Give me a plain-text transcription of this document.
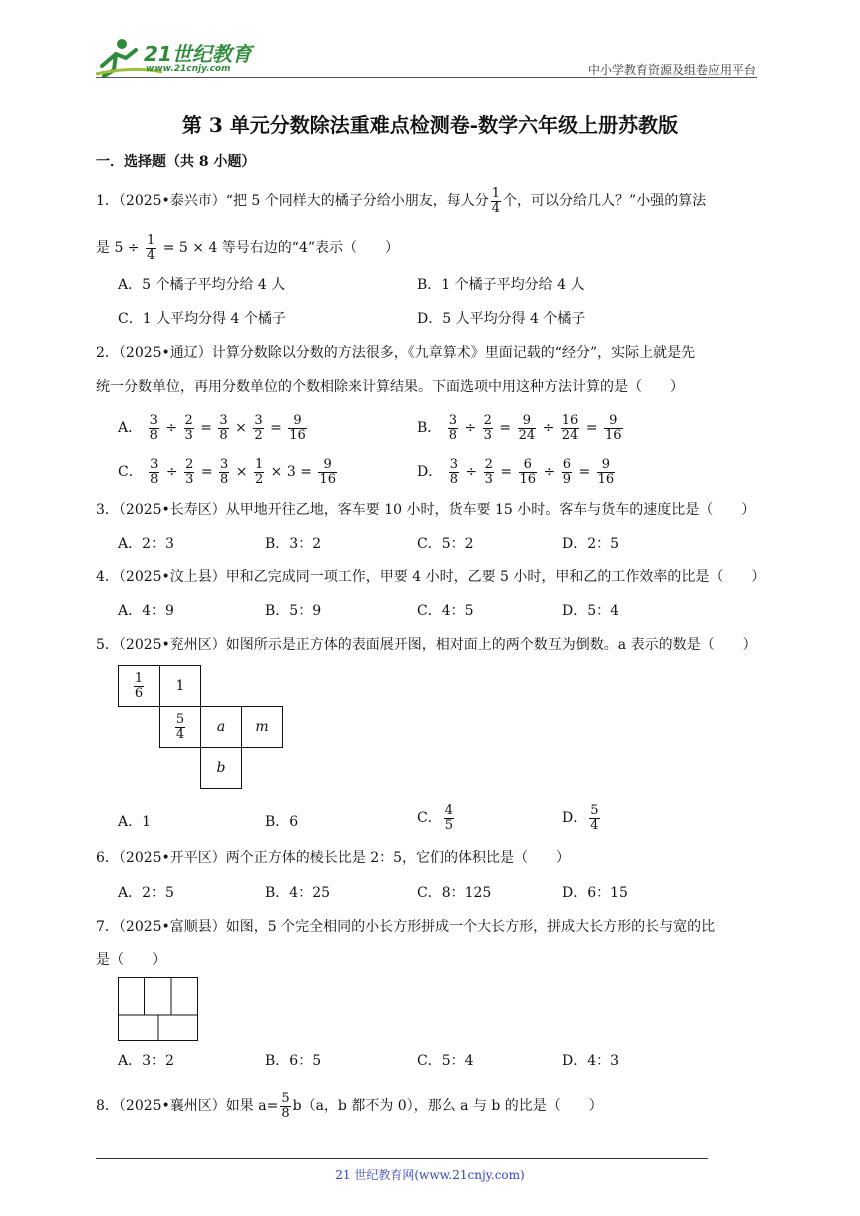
21世纪教育
www.21cnjy.com	中小学教育资源及组卷应用平台
第 3 单元分数除法重难点检测卷-数学六年级上册苏教版
一．选择题（共 8 小题）
1．（2025•泰兴市）“把 5 个同样大的橘子分给小朋友，每人分 $\frac{1}{4}$ 个，可以分给几人？”小强的算法
是 $5 \div \frac{1}{4} = 5 \times 4$ 等号右边的“4”表示（　　）
A．5 个橘子平均分给 4 人	B．1 个橘子平均分给 4 人
C．1 人平均分得 4 个橘子	D．5 人平均分得 4 个橘子
2．（2025•通辽）计算分数除以分数的方法很多，《九章算术》里面记载的“经分”，实际上就是先
统一分数单位，再用分数单位的个数相除来计算结果。下面选项中用这种方法计算的是（　　）
A． $\frac{3}{8} \div \frac{2}{3} = \frac{3}{8} \times \frac{3}{2} = \frac{9}{16}$	B． $\frac{3}{8} \div \frac{2}{3} = \frac{9}{24} \div \frac{16}{24} = \frac{9}{16}$
C． $\frac{3}{8} \div \frac{2}{3} = \frac{3}{8} \times \frac{1}{2} \times 3 = \frac{9}{16}$	D． $\frac{3}{8} \div \frac{2}{3} = \frac{6}{16} \div \frac{6}{9} = \frac{9}{16}$
3．（2025•长寿区）从甲地开往乙地，客车要 10 小时，货车要 15 小时。客车与货车的速度比是（　　）
A．2：3	B．3：2	C．5：2	D．2：5
4．（2025•汶上县）甲和乙完成同一项工作，甲要 4 小时，乙要 5 小时，甲和乙的工作效率的比是（　　）
A．4：9	B．5：9	C．4：5	D．5：4
5．（2025•兖州区）如图所示是正方体的表面展开图，相对面上的两个数互为倒数。a 表示的数是（　　）
$\frac{1}{6}$	1
$\frac{5}{4}$ a m
b
A．1	B．6	C． $\frac{4}{5}$	D． $\frac{5}{4}$
6．（2025•开平区）两个正方体的棱长比是 2：5，它们的体积比是（　　）
A．2：5	B．4：25	C．8：125	D．6：15
7．（2025•富顺县）如图，5 个完全相同的小长方形拼成一个大长方形，拼成大长方形的长与宽的比
是（　　）
A．3：2	B．6：5	C．5：4	D．4：3
8．（2025•襄州区）如果 $a= \frac{5}{8} b(a$，b 都不为 0），那么 a 与 b 的比是（　　）
21 世纪教育网(www.21cnjy.com)
